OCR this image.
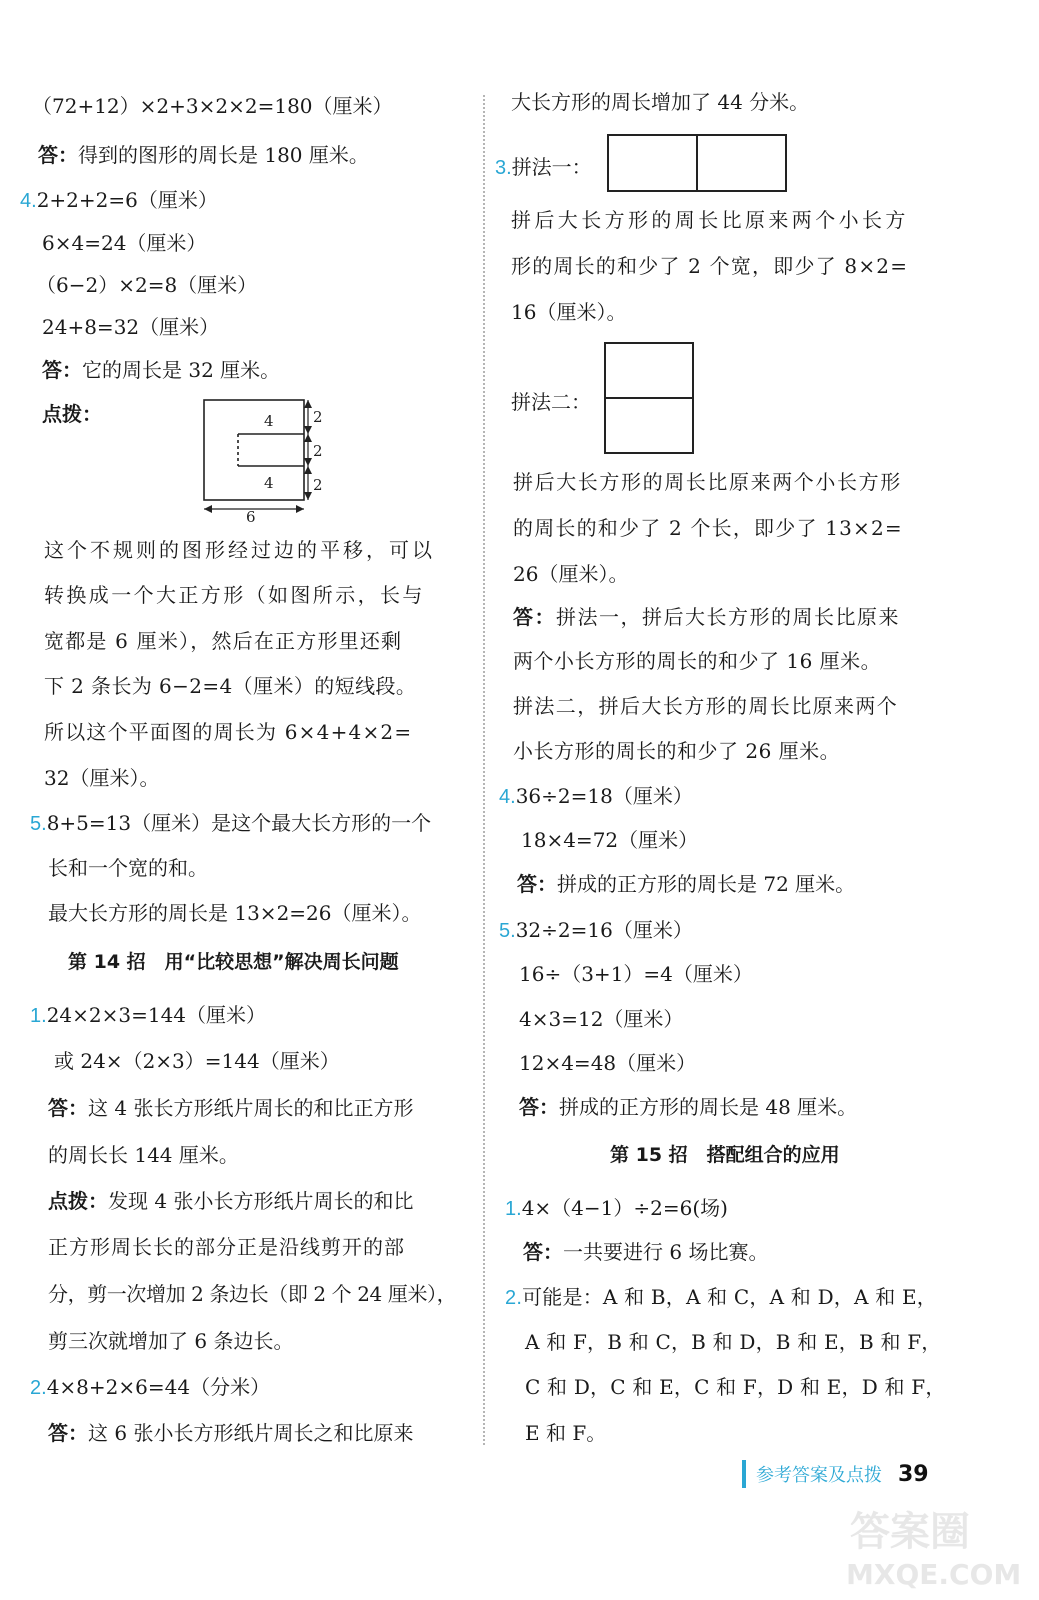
（72+12）×2+3×2×2=180（厘米）
答：得到的图形的周长是 180 厘米。
4.2+2+2=6（厘米）
6×4=24（厘米）
（6−2）×2=8（厘米）
24+8=32（厘米）
答：它的周长是 32 厘米。
点拨：	4
4
2
2
2
6
这个不规则的图形经过边的平移，可以
转换成一个大正方形（如图所示，长与
宽都是 6 厘米），然后在正方形里还剩
下 2 条长为 6−2=4（厘米）的短线段。
所以这个平面图的周长为 6×4+4×2=
32（厘米）。
5.8+5=13（厘米）是这个最大长方形的一个
长和一个宽的和。
最大长方形的周长是 13×2=26（厘米）。
第 14 招　用“比较思想”解决周长问题
1.24×2×3=144（厘米）
或 24×（2×3）=144（厘米）
答：这 4 张长方形纸片周长的和比正方形
的周长长 144 厘米。
点拨：发现 4 张小长方形纸片周长的和比
正方形周长长的部分正是沿线剪开的部
分，剪一次增加 2 条边长（即 2 个 24 厘米），
剪三次就增加了 6 条边长。
2.4×8+2×6=44（分米）
答：这 6 张小长方形纸片周长之和比原来
大长方形的周长增加了 44 分米。
3.拼法一：
拼后大长方形的周长比原来两个小长方
形的周长的和少了 2 个宽，即少了 8×2=
16（厘米）。
拼法二：
拼后大长方形的周长比原来两个小长方形
的周长的和少了 2 个长，即少了 13×2=
26（厘米）。
答：拼法一，拼后大长方形的周长比原来
两个小长方形的周长的和少了 16 厘米。
拼法二，拼后大长方形的周长比原来两个
小长方形的周长的和少了 26 厘米。
4.36÷2=18（厘米）
18×4=72（厘米）
答：拼成的正方形的周长是 72 厘米。
5.32÷2=16（厘米）
16÷（3+1）=4（厘米）
4×3=12（厘米）
12×4=48（厘米）
答：拼成的正方形的周长是 48 厘米。
第 15 招　搭配组合的应用
1.4×（4−1）÷2=6(场)
答：一共要进行 6 场比赛。
2.可能是：A 和 B，A 和 C，A 和 D，A 和 E，
A 和 F，B 和 C，B 和 D，B 和 E，B 和 F，
C 和 D，C 和 E，C 和 F，D 和 E，D 和 F，
E 和 F。
参考答案及点拨 39
答案圈
MXQE.COM
